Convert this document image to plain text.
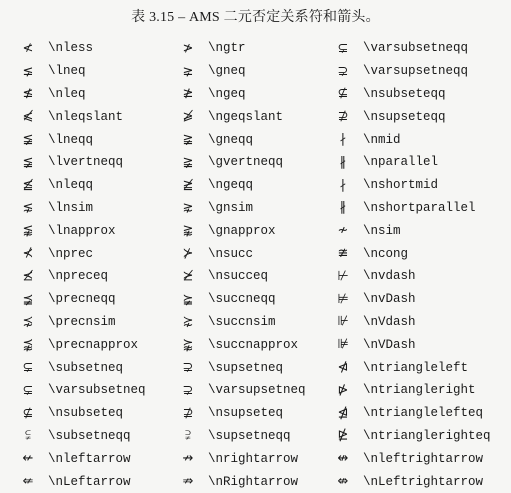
表 3.15 – AMS 二元否定关系符和箭头。
≮	\nless	≯	\ngtr	⊊	\varsubsetneqq
⪇	\lneq	⪈	\gneq	⊋	\varsupsetneqq
≰	\nleq	≱	\ngeq	⊈	\nsubseteqq
⩽̸	\nleqslant	⩾̸	\ngeqslant	⊉	\nsupseteqq
≨	\lneqq	≩	\gneqq	∤	\nmid
≨	\lvertneqq	≩	\gvertneqq	∦	\nparallel
≦̸	\nleqq	≧̸	\ngeqq	∤	\nshortmid
⋦	\lnsim	⋧	\gnsim	∦	\nshortparallel
⪉	\lnapprox	⪊	\gnapprox	≁	\nsim
⊀	\nprec	⊁	\nsucc	≇	\ncong
⪯̸	\npreceq	⪰̸	\nsucceq	⊬	\nvdash
⪵	\precneqq	⪶	\succneqq	⊭	\nvDash
⋨	\precnsim	⋩	\succnsim	⊮	\nVdash
⪹	\precnapprox	⪺	\succnapprox	⊯	\nVDash
⊊	\subsetneq	⊋	\supsetneq	⋪	\ntriangleleft
⊊	\varsubsetneq	⊋	\varsupsetneq	⋫	\ntriangleright
⊈	\nsubseteq	⊉	\nsupseteq	⋬	\ntrianglelefteq
⫋	\subsetneqq	⫌	\supsetneqq	⋭	\ntrianglerighteq
↚	\nleftarrow	↛	\nrightarrow	↮	\nleftrightarrow
⇍	\nLeftarrow	⇏	\nRightarrow	⇎	\nLeftrightarrow
